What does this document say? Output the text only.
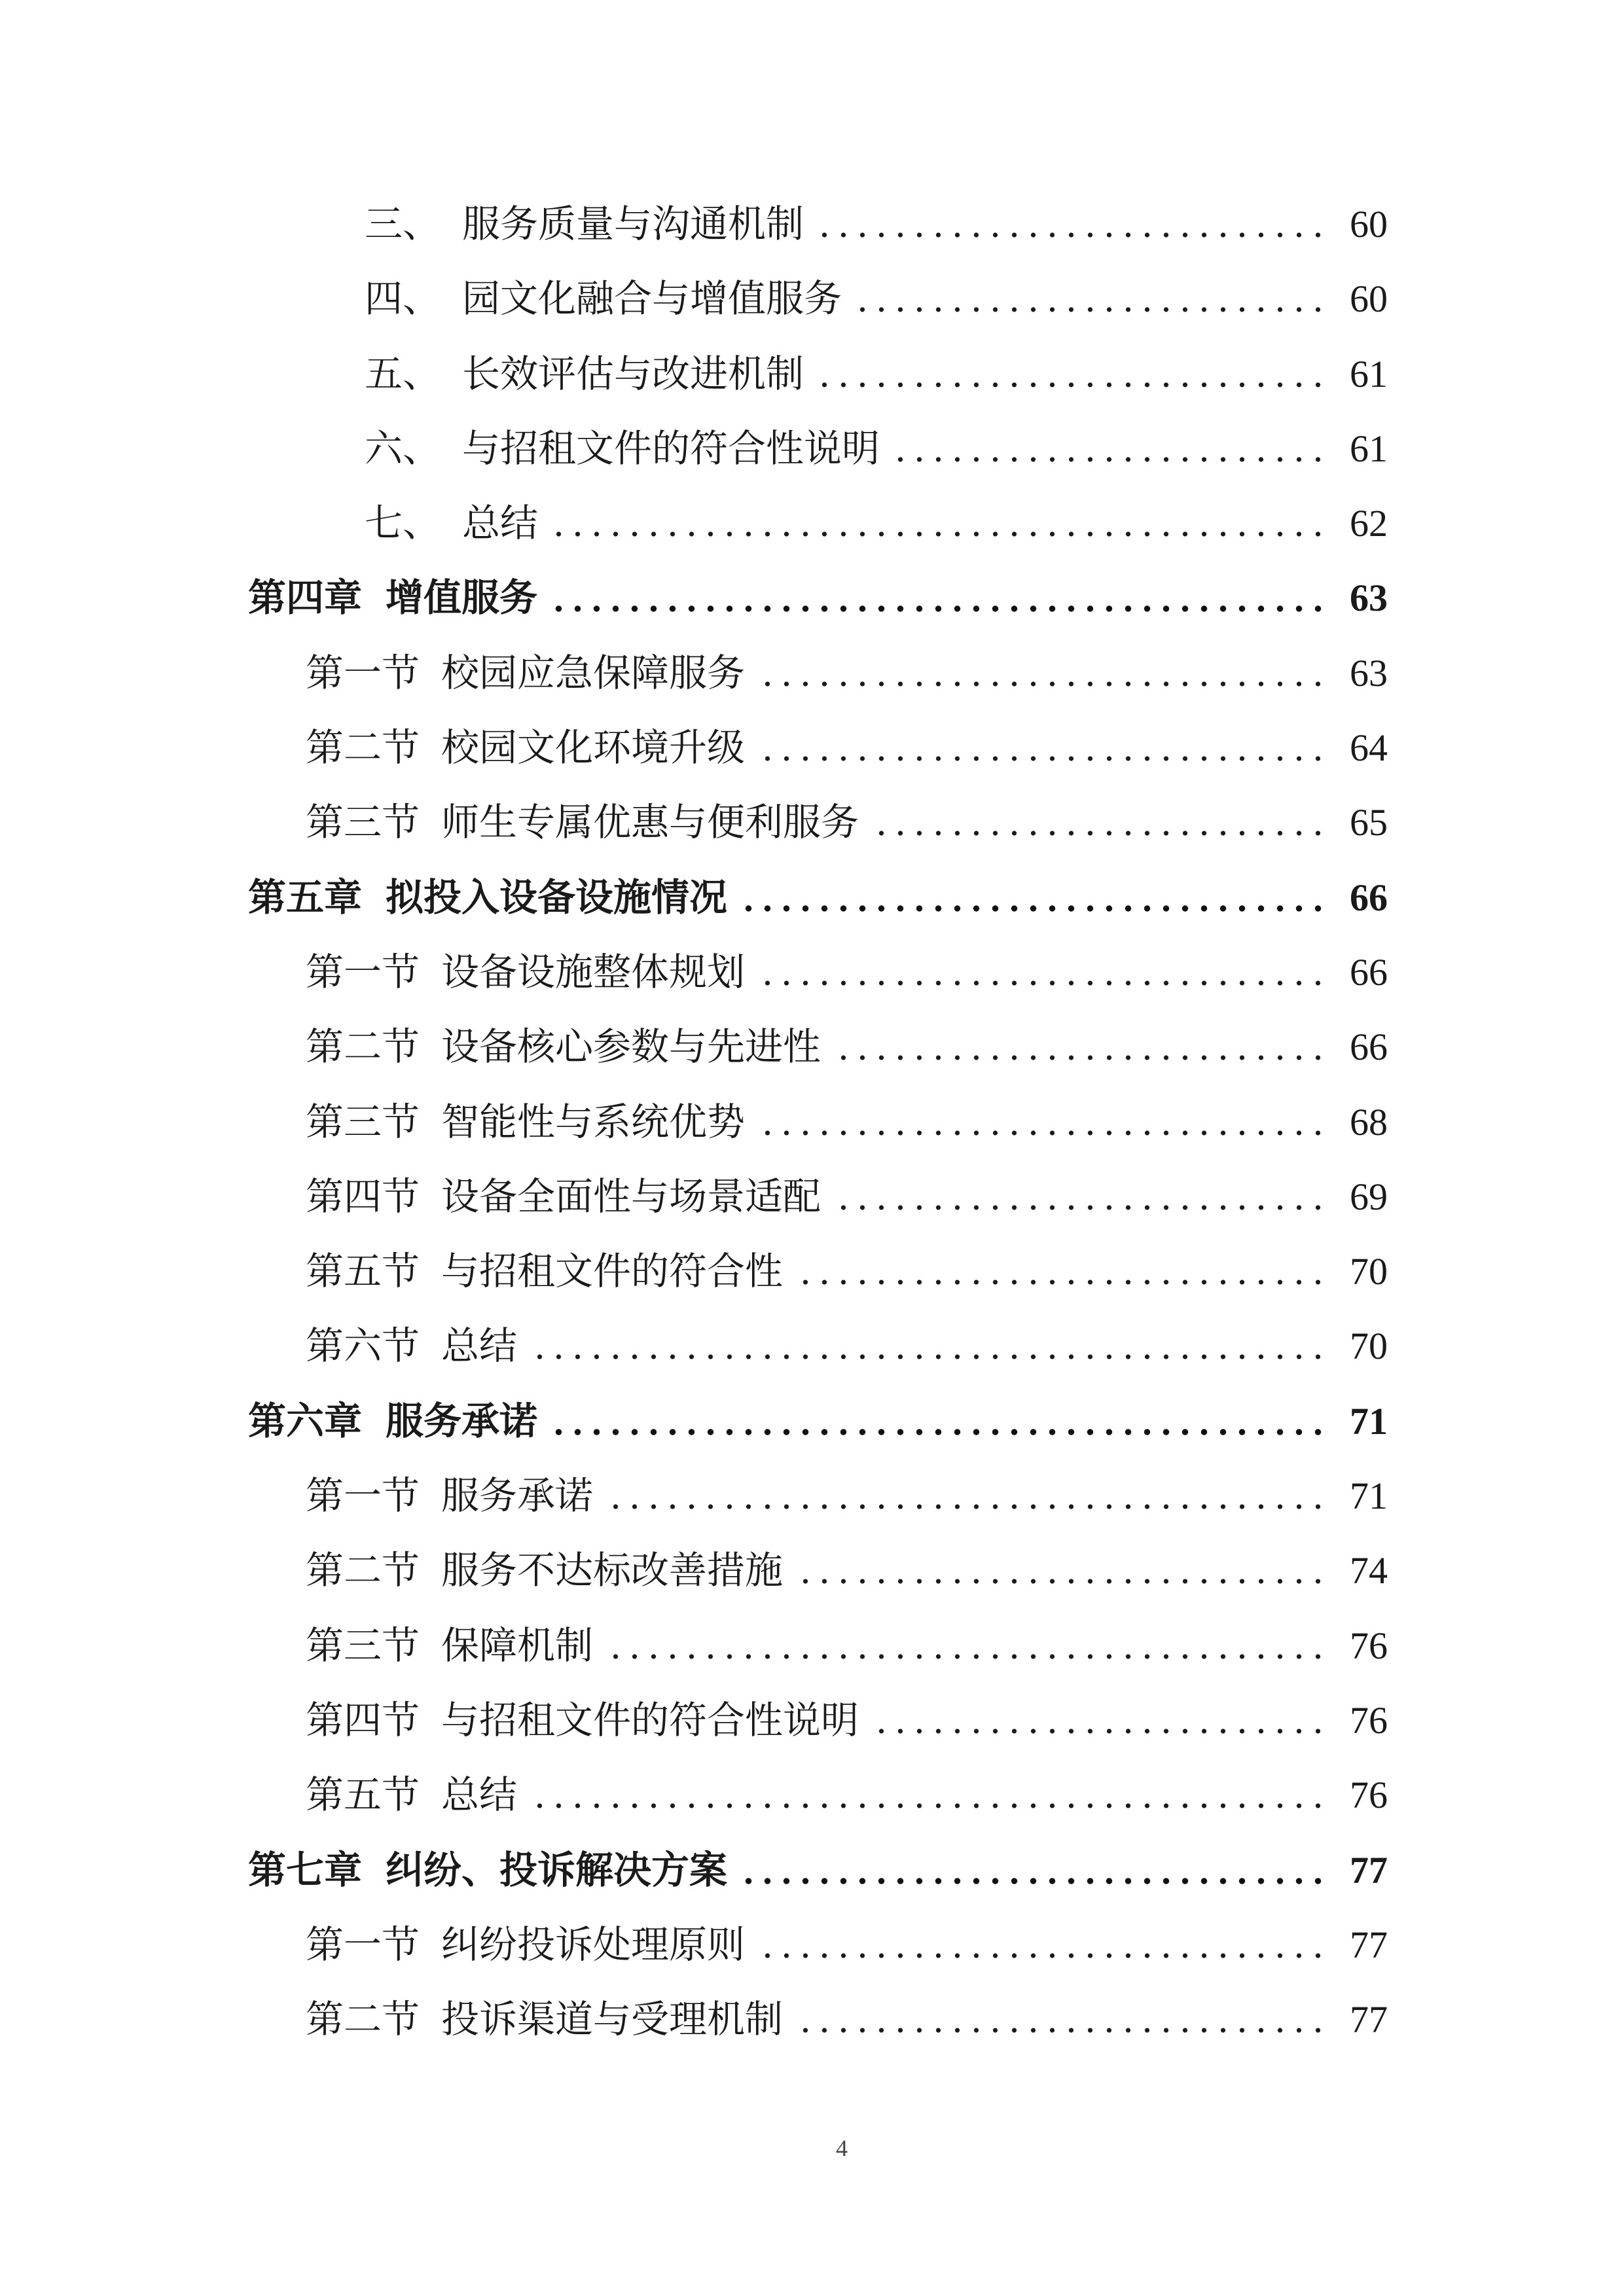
三、 服务质量与沟通机制	60
四、 园文化融合与增值服务	60
五、 长效评估与改进机制	61
六、 与招租文件的符合性说明	61
七、 总结	62
第四章 增值服务	63
第一节 校园应急保障服务	63
第二节 校园文化环境升级	64
第三节 师生专属优惠与便利服务	65
第五章 拟投入设备设施情况	66
第一节 设备设施整体规划	66
第二节 设备核心参数与先进性	66
第三节 智能性与系统优势	68
第四节 设备全面性与场景适配	69
第五节 与招租文件的符合性	70
第六节 总结	70
第六章 服务承诺	71
第一节 服务承诺	71
第二节 服务不达标改善措施	74
第三节 保障机制	76
第四节 与招租文件的符合性说明	76
第五节 总结	76
第七章 纠纷、投诉解决方案	77
第一节 纠纷投诉处理原则	77
第二节 投诉渠道与受理机制	77
4
